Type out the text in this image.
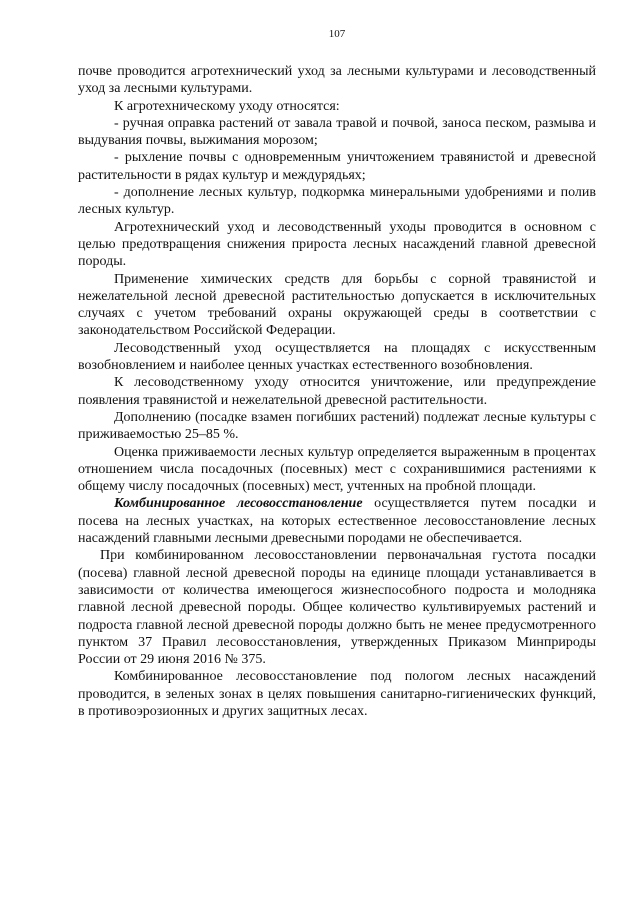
107

почве проводится агротехнический уход за лесными культурами и лесоводственный уход за лесными культурами.

К агротехническому уходу относятся:

- ручная оправка растений от завала травой и почвой, заноса песком, размыва и выдувания почвы, выжимания морозом;

- рыхление почвы с одновременным уничтожением травянистой и древесной растительности в рядах культур и междурядьях;

- дополнение лесных культур, подкормка минеральными удобрениями и полив лесных культур.

Агротехнический уход и лесоводственный уходы проводится в основном с целью предотвращения снижения прироста лесных насаждений главной древесной породы.

Применение химических средств для борьбы с сорной травянистой и нежелательной лесной древесной растительностью допускается в исключительных случаях с учетом требований охраны окружающей среды в соответствии с законодательством Российской Федерации.

Лесоводственный уход осуществляется на площадях с искусственным возобновлением и наиболее ценных участках естественного возобновления.

К лесоводственному уходу относится уничтожение, или предупреждение появления травянистой и нежелательной древесной растительности.

Дополнению (посадке взамен погибших растений) подлежат лесные культуры с приживаемостью 25–85 %.

Оценка приживаемости лесных культур определяется выраженным в процентах отношением числа посадочных (посевных) мест с сохранившимися растениями к общему числу посадочных (посевных) мест, учтенных на пробной площади.

Комбинированное лесовосстановление осуществляется путем посадки и посева на лесных участках, на которых естественное лесовосстановление лесных насаждений главными лесными древесными породами не обеспечивается.

При комбинированном лесовосстановлении первоначальная густота посадки (посева) главной лесной древесной породы на единице площади устанавливается в зависимости от количества имеющегося жизнеспособного подроста и молодняка главной лесной древесной породы. Общее количество культивируемых растений и подроста главной лесной древесной породы должно быть не менее предусмотренного пунктом 37 Правил лесовосстановления, утвержденных Приказом Минприроды России от 29 июня 2016 № 375.

Комбинированное лесовосстановление под пологом лесных насаждений проводится, в зеленых зонах в целях повышения санитарно-гигиенических функций, в противоэрозионных и других защитных лесах.
